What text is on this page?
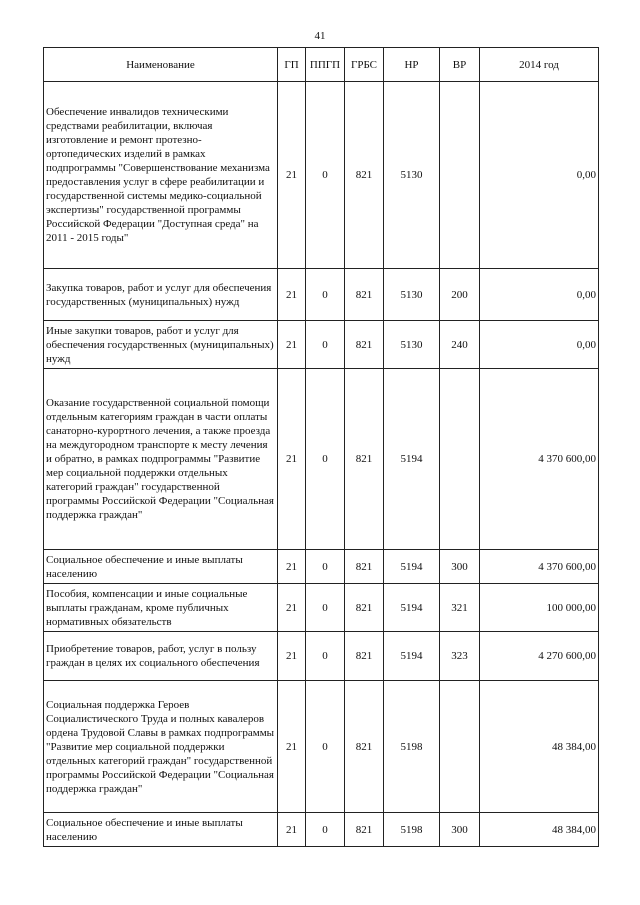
41
Наименование	ГП	ППГП	ГРБС	НР	ВР	2014 год
Обеспечение инвалидов техническими средствами реабилитации, включая изготовление и ремонт протезно-ортопедических изделий в рамках подпрограммы "Совершенствование механизма предоставления услуг в сфере реабилитации и государственной системы медико-социальной экспертизы" государственной программы Российской Федерации "Доступная среда" на 2011 - 2015 годы"	21	0	821	5130		0,00
Закупка товаров, работ и услуг для обеспечения государственных (муниципальных) нужд	21	0	821	5130	200	0,00
Иные закупки товаров, работ и услуг для обеспечения государственных (муниципальных) нужд	21	0	821	5130	240	0,00
Оказание государственной социальной помощи отдельным категориям граждан в части оплаты санаторно-курортного лечения, а также проезда на междугородном транспорте к месту лечения и обратно, в рамках подпрограммы "Развитие мер социальной поддержки отдельных категорий граждан" государственной программы Российской Федерации "Социальная поддержка граждан"	21	0	821	5194		4 370 600,00
Социальное обеспечение и иные выплаты населению	21	0	821	5194	300	4 370 600,00
Пособия, компенсации и иные социальные выплаты гражданам, кроме публичных нормативных обязательств	21	0	821	5194	321	100 000,00
Приобретение товаров, работ, услуг в пользу граждан в целях их социального обеспечения	21	0	821	5194	323	4 270 600,00
Социальная поддержка Героев Социалистического Труда и полных кавалеров ордена Трудовой Славы в рамках подпрограммы "Развитие мер социальной поддержки отдельных категорий граждан" государственной программы Российской Федерации "Социальная поддержка граждан"	21	0	821	5198		48 384,00
Социальное обеспечение и иные выплаты населению	21	0	821	5198	300	48 384,00
